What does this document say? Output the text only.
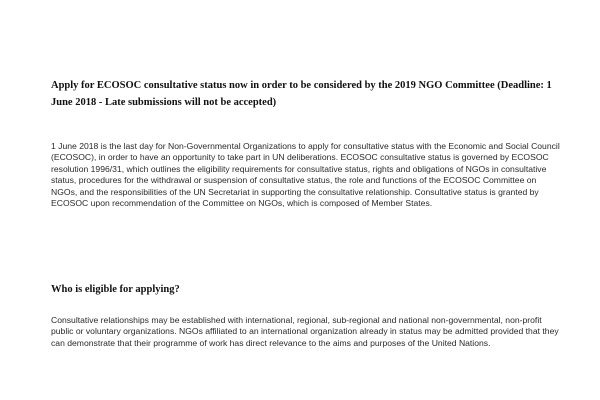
Apply for ECOSOC consultative status now in order to be considered by the 2019 NGO Committee (Deadline: 1 June 2018 - Late submissions will not be accepted)

1 June 2018 is the last day for Non-Governmental Organizations to apply for consultative status with the Economic and Social Council (ECOSOC), in order to have an opportunity to take part in UN deliberations. ECOSOC consultative status is governed by ECOSOC resolution 1996/31, which outlines the eligibility requirements for consultative status, rights and obligations of NGOs in consultative status, procedures for the withdrawal or suspension of consultative status, the role and functions of the ECOSOC Committee on NGOs, and the responsibilities of the UN Secretariat in supporting the consultative relationship. Consultative status is granted by ECOSOC upon recommendation of the Committee on NGOs, which is composed of Member States.

Who is eligible for applying?

Consultative relationships may be established with international, regional, sub-regional and national non-governmental, non-profit public or voluntary organizations. NGOs affiliated to an international organization already in status may be admitted provided that they can demonstrate that their programme of work has direct relevance to the aims and purposes of the United Nations.
